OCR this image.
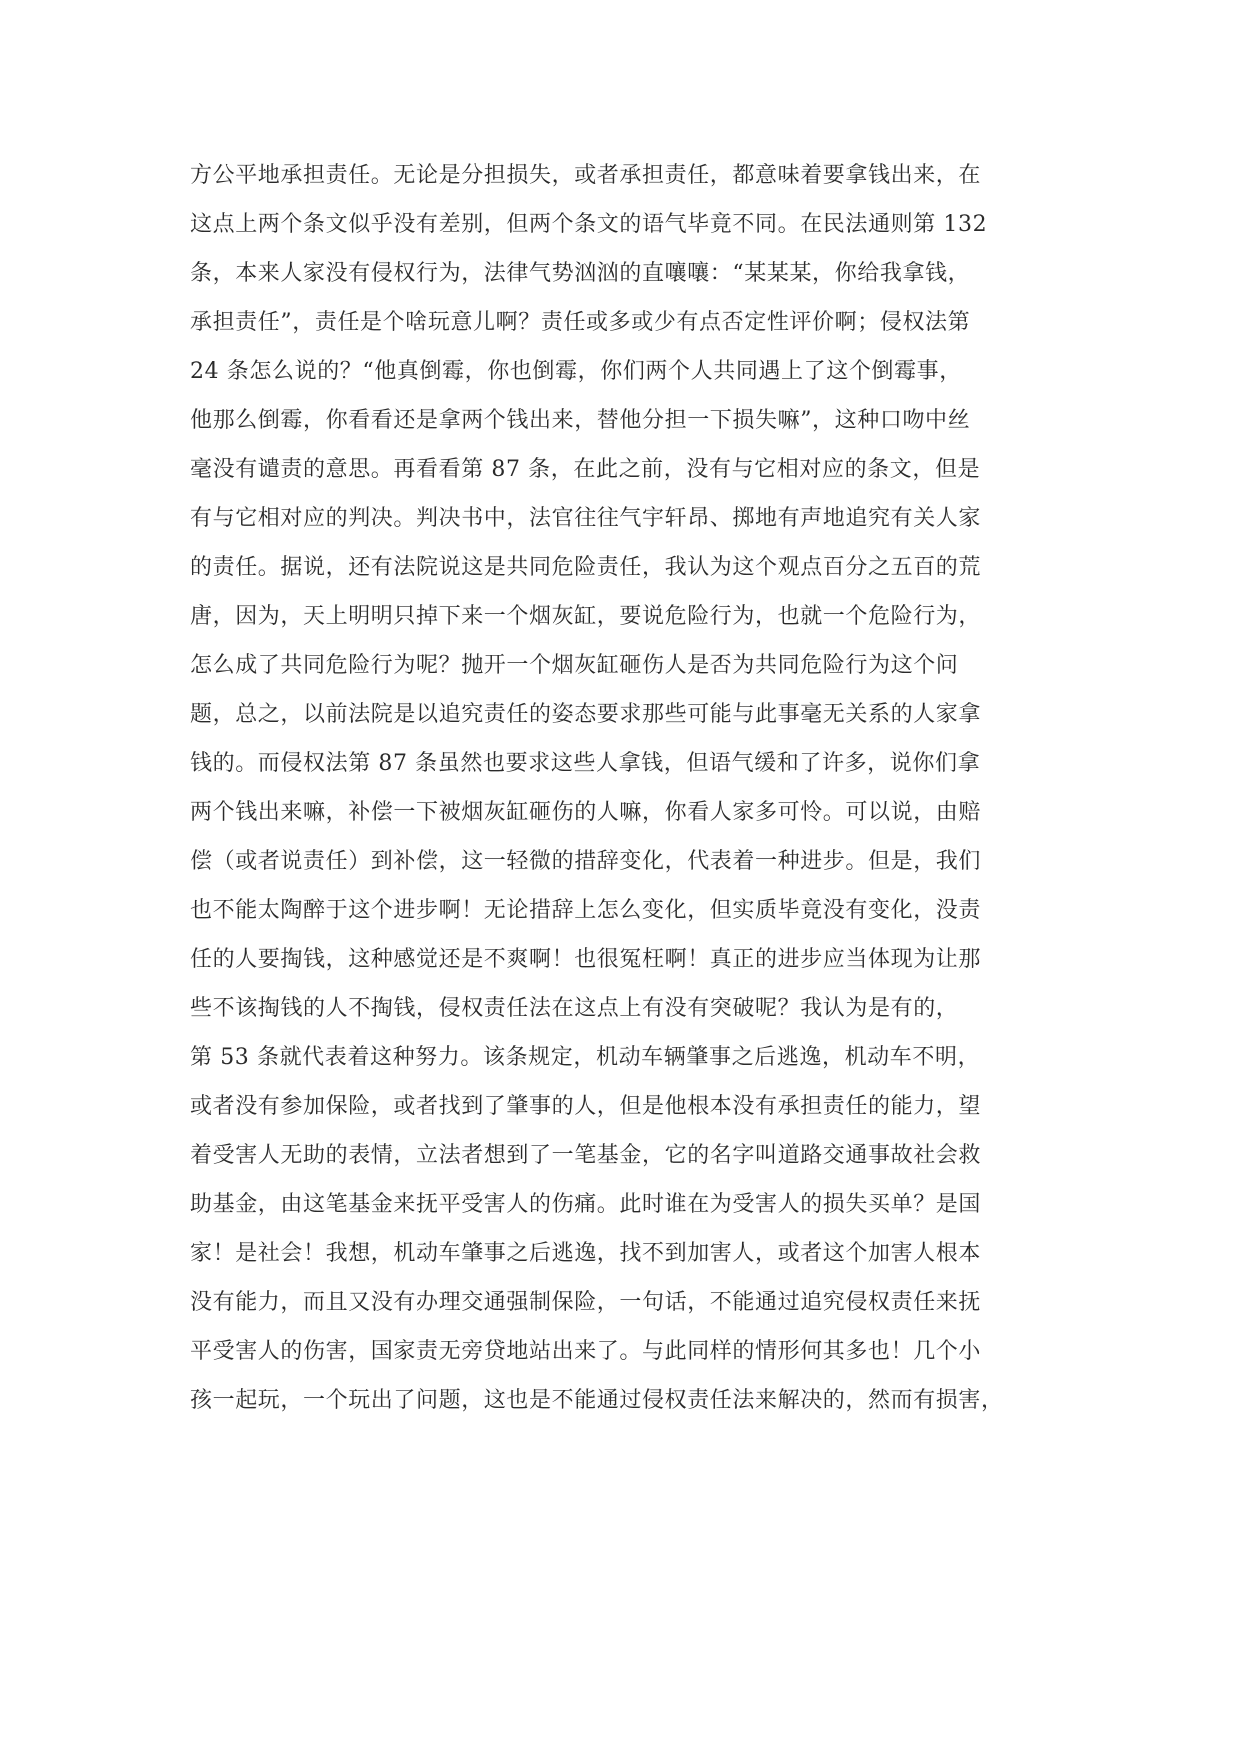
方公平地承担责任。无论是分担损失，或者承担责任，都意味着要拿钱出来，在
这点上两个条文似乎没有差别，但两个条文的语气毕竟不同。在民法通则第 132
条，本来人家没有侵权行为，法律气势汹汹的直嚷嚷：“某某某，你给我拿钱，
承担责任”，责任是个啥玩意儿啊？责任或多或少有点否定性评价啊；侵权法第
24 条怎么说的？“他真倒霉，你也倒霉，你们两个人共同遇上了这个倒霉事，
他那么倒霉，你看看还是拿两个钱出来，替他分担一下损失嘛”，这种口吻中丝
毫没有谴责的意思。再看看第 87 条，在此之前，没有与它相对应的条文，但是
有与它相对应的判决。判决书中，法官往往气宇轩昂、掷地有声地追究有关人家
的责任。据说，还有法院说这是共同危险责任，我认为这个观点百分之五百的荒
唐，因为，天上明明只掉下来一个烟灰缸，要说危险行为，也就一个危险行为，
怎么成了共同危险行为呢？抛开一个烟灰缸砸伤人是否为共同危险行为这个问
题，总之，以前法院是以追究责任的姿态要求那些可能与此事毫无关系的人家拿
钱的。而侵权法第 87 条虽然也要求这些人拿钱，但语气缓和了许多，说你们拿
两个钱出来嘛，补偿一下被烟灰缸砸伤的人嘛，你看人家多可怜。可以说，由赔
偿（或者说责任）到补偿，这一轻微的措辞变化，代表着一种进步。但是，我们
也不能太陶醉于这个进步啊！无论措辞上怎么变化，但实质毕竟没有变化，没责
任的人要掏钱，这种感觉还是不爽啊！也很冤枉啊！真正的进步应当体现为让那
些不该掏钱的人不掏钱，侵权责任法在这点上有没有突破呢？我认为是有的，
第 53 条就代表着这种努力。该条规定，机动车辆肇事之后逃逸，机动车不明，
或者没有参加保险，或者找到了肇事的人，但是他根本没有承担责任的能力，望
着受害人无助的表情，立法者想到了一笔基金，它的名字叫道路交通事故社会救
助基金，由这笔基金来抚平受害人的伤痛。此时谁在为受害人的损失买单？是国
家！是社会！我想，机动车肇事之后逃逸，找不到加害人，或者这个加害人根本
没有能力，而且又没有办理交通强制保险，一句话，不能通过追究侵权责任来抚
平受害人的伤害，国家责无旁贷地站出来了。与此同样的情形何其多也！几个小
孩一起玩，一个玩出了问题，这也是不能通过侵权责任法来解决的，然而有损害，
